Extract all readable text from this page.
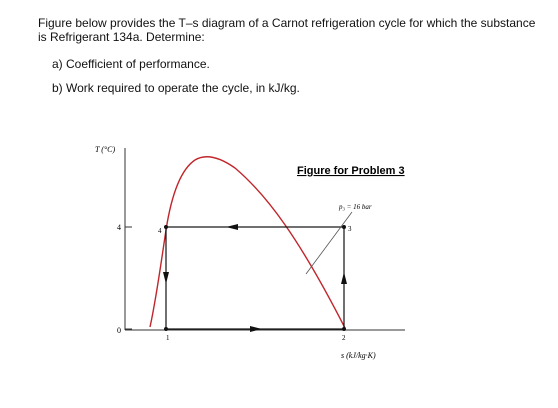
Figure below provides the T–s diagram of a Carnot refrigeration cycle for which the substance is Refrigerant 134a. Determine:
a) Coefficient of performance.
b) Work required to operate the cycle, in kJ/kg.
T (°C)
s (kJ/kg·K)
4
0
4
1	2
3
p₃ = 16 bar
Figure for Problem 3
